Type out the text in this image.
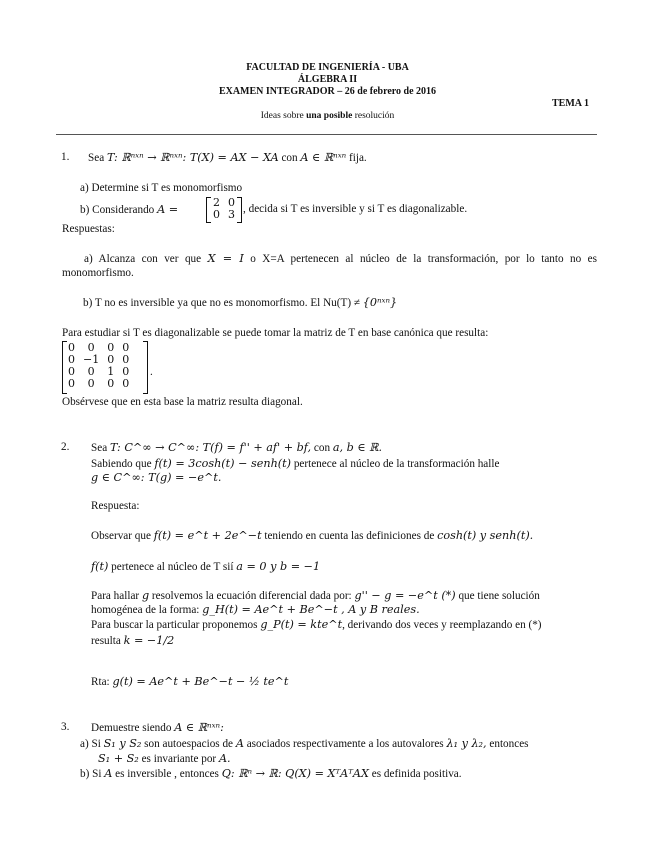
FACULTAD DE INGENIERÍA - UBA
ÁLGEBRA II
EXAMEN INTEGRADOR – 26 de febrero de 2016
TEMA 1
Ideas sobre una posible resolución
1. Sea T: ℝⁿˣⁿ → ℝⁿˣⁿ: T(X) = AX − XA con A ∈ ℝⁿˣⁿ fija.
a) Determine si T es monomorfismo
b) Considerando A =
2	0
0	3 , decida si T es inversible y si T es diagonalizable.
Respuestas:
a) Alcanza con ver que X = I o X=A pertenecen al núcleo de la transformación, por lo tanto no es monomorfismo.
b) T no es inversible ya que no es monomorfismo. El Nu(T) ≠ {0ⁿˣⁿ}
Para estudiar si T es diagonalizable se puede tomar la matriz de T en base canónica que resulta:
0	0	0	0
0	−1	0	0
0	0	1	0
0	0	0	0
.
Obsérvese que en esta base la matriz resulta diagonal.
2. Sea T: C^∞ → C^∞: T(f) = f'' + af' + bf, con a, b ∈ ℝ.
Sabiendo que f(t) = 3cosh(t) − senh(t) pertenece al núcleo de la transformación halle
g ∈ C^∞: T(g) = −e^t.
Respuesta:
Observar que f(t) = e^t + 2e^−t teniendo en cuenta las definiciones de cosh(t) y senh(t).
f(t) pertenece al núcleo de T sií a = 0 y b = −1
Para hallar g resolvemos la ecuación diferencial dada por: g'' − g = −e^t (*) que tiene solución
homogénea de la forma: g_H(t) = Ae^t + Be^−t , A y B reales.
Para buscar la particular proponemos g_P(t) = kte^t, derivando dos veces y reemplazando en (*)
resulta k = −1/2
Rta: g(t) = Ae^t + Be^−t − ½ te^t
3. Demuestre siendo A ∈ ℝⁿˣⁿ:
a) Si S₁ y S₂ son autoespacios de A asociados respectivamente a los autovalores λ₁ y λ₂, entonces
S₁ + S₂ es invariante por A.
b) Si A es inversible , entonces Q: ℝⁿ → ℝ: Q(X) = XᵀAᵀAX es definida positiva.
